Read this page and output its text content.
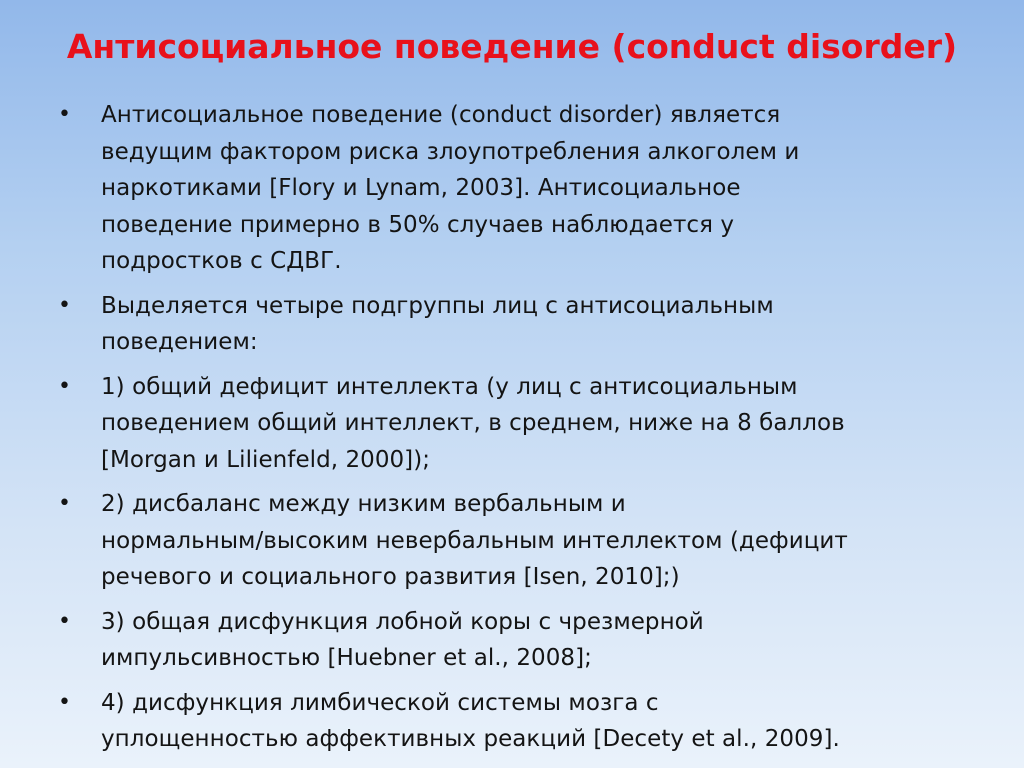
Антисоциальное поведение (conduct disorder)
•	Антисоциальное поведение (conduct disorder) является
ведущим фактором риска злоупотребления алкоголем и
наркотиками [Flory и Lynam, 2003]. Антисоциальное
поведение примерно в 50% случаев наблюдается у
подростков с СДВГ.
•	Выделяется четыре подгруппы лиц с антисоциальным
поведением:
•	1) общий дефицит интеллекта (у лиц с антисоциальным
поведением общий интеллект, в среднем, ниже на 8 баллов
[Morgan и Lilienfeld, 2000]);
•	2) дисбаланс между низким вербальным и
нормальным/высоким невербальным интеллектом (дефицит
речевого и социального развития [Isen, 2010];)
•	3) общая дисфункция лобной коры с чрезмерной
импульсивностью [Huebner et al., 2008];
•	4) дисфункция лимбической системы мозга с
уплощенностью аффективных реакций [Decety et al., 2009].
